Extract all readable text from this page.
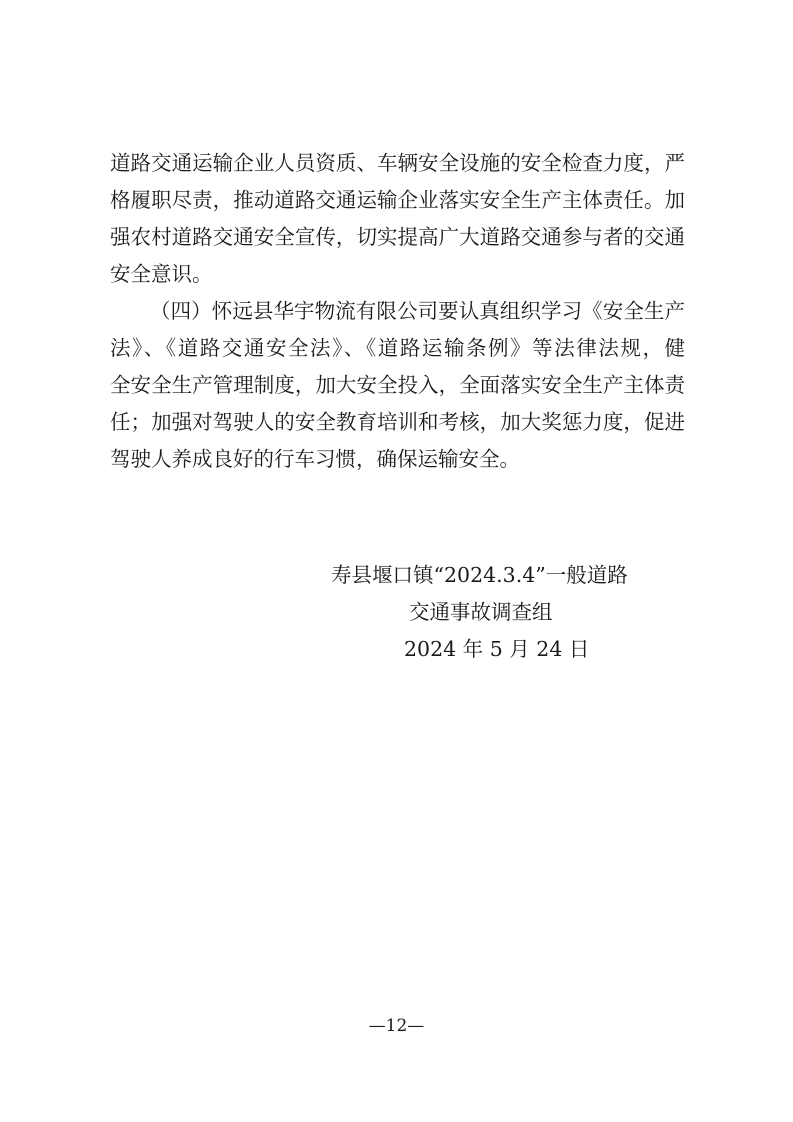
道路交通运输企业人员资质、车辆安全设施的安全检查力度，严
格履职尽责，推动道路交通运输企业落实安全生产主体责任。加
强农村道路交通安全宣传，切实提高广大道路交通参与者的交通
安全意识。
（四）怀远县华宇物流有限公司要认真组织学习《安全生产
法》、《道路交通安全法》、《道路运输条例》等法律法规，健
全安全生产管理制度，加大安全投入，全面落实安全生产主体责
任；加强对驾驶人的安全教育培训和考核，加大奖惩力度，促进
驾驶人养成良好的行车习惯，确保运输安全。
寿县堰口镇“2024.3.4”一般道路
交通事故调查组
2024 年 5 月 24 日
—12—
